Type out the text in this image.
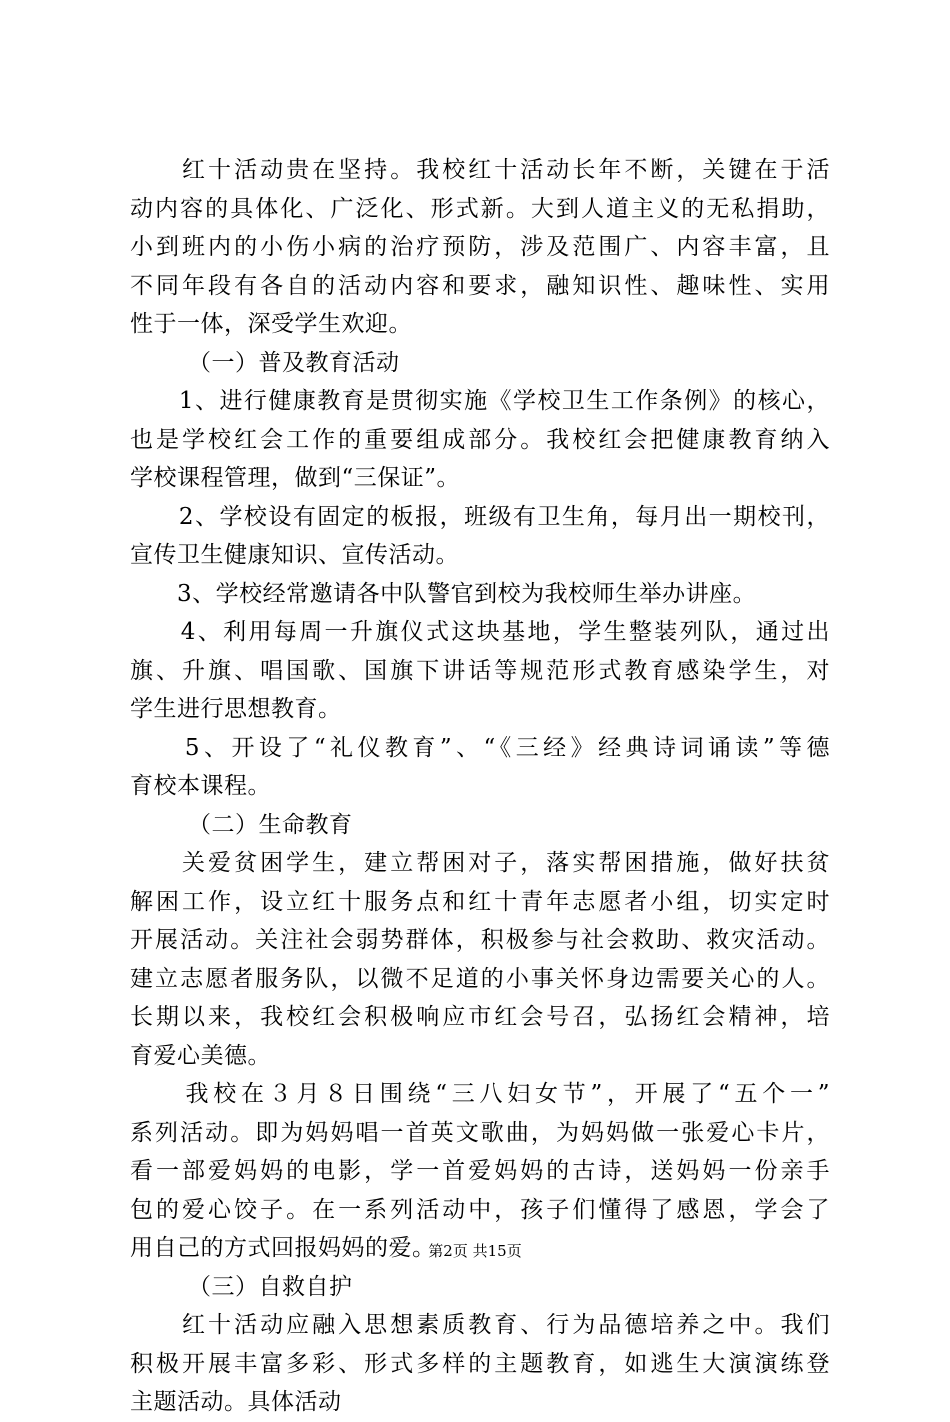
　　红十活动贵在坚持。我校红十活动长年不断，关键在于活
动内容的具体化、广泛化、形式新。大到人道主义的无私捐助，
小到班内的小伤小病的治疗预防，涉及范围广、内容丰富，且
不同年段有各自的活动内容和要求，融知识性、趣味性、实用
性于一体，深受学生欢迎。
（一）普及教育活动
　　1、进行健康教育是贯彻实施《学校卫生工作条例》的核心，
也是学校红会工作的重要组成部分。我校红会把健康教育纳入
学校课程管理，做到“三保证”。
　　2、学校设有固定的板报，班级有卫生角，每月出一期校刊，
宣传卫生健康知识、宣传活动。
　　3、学校经常邀请各中队警官到校为我校师生举办讲座。
　　4、利用每周一升旗仪式这块基地，学生整装列队，通过出
旗、升旗、唱国歌、国旗下讲话等规范形式教育感染学生，对
学生进行思想教育。
　　5、开设了“礼仪教育”、“《三经》经典诗词诵读”等德
育校本课程。
（二）生命教育
　　关爱贫困学生，建立帮困对子，落实帮困措施，做好扶贫
解困工作，设立红十服务点和红十青年志愿者小组，切实定时
开展活动。关注社会弱势群体，积极参与社会救助、救灾活动。
建立志愿者服务队，以微不足道的小事关怀身边需要关心的人。
长期以来，我校红会积极响应市红会号召，弘扬红会精神，培
育爱心美德。
　　我校在３月８日围绕“三八妇女节”，开展了“五个一”
系列活动。即为妈妈唱一首英文歌曲，为妈妈做一张爱心卡片，
看一部爱妈妈的电影，学一首爱妈妈的古诗，送妈妈一份亲手
包的爱心饺子。在一系列活动中，孩子们懂得了感恩，学会了
用自己的方式回报妈妈的爱。
（三）自救自护
　　红十活动应融入思想素质教育、行为品德培养之中。我们
积极开展丰富多彩、形式多样的主题教育，如逃生大演演练登
主题活动。具体活动
第2页 共15页
